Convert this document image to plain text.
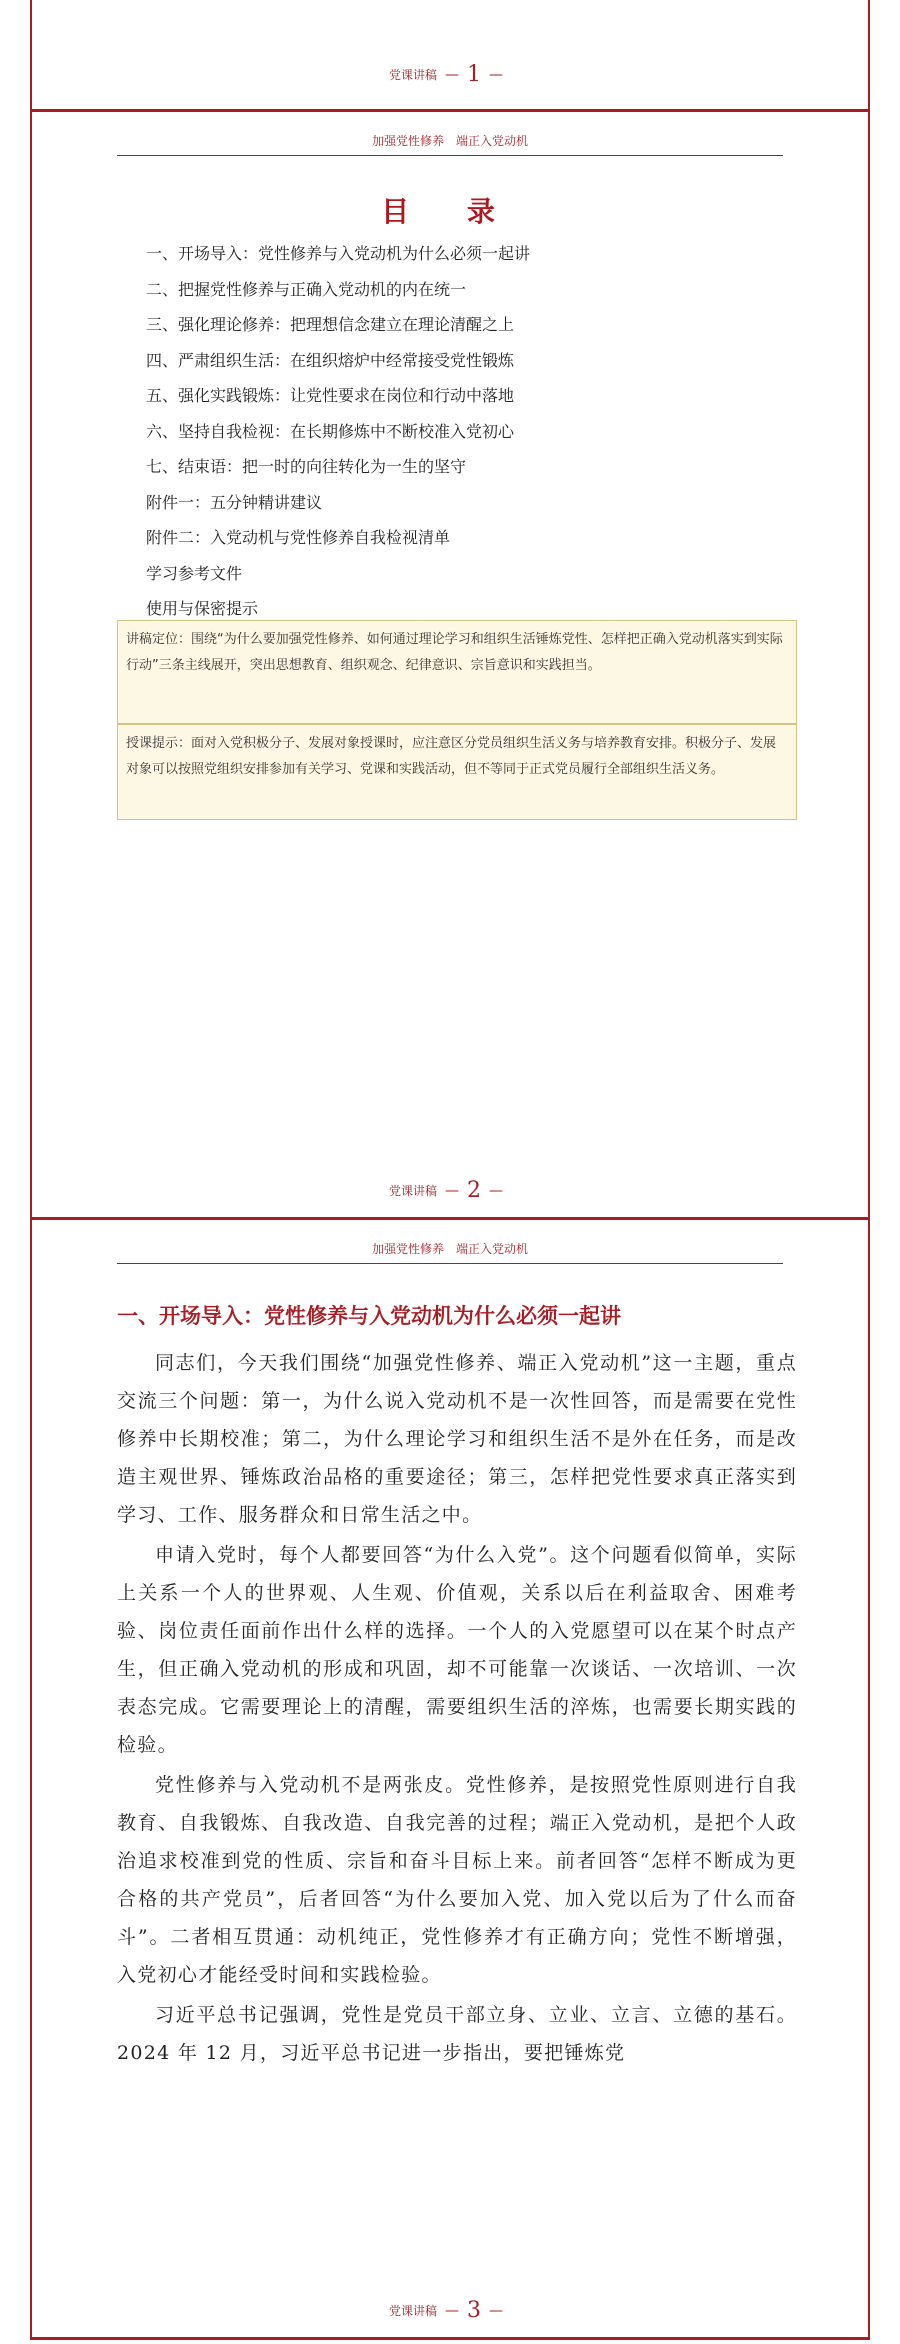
党课讲稿 — 1 —
加强党性修养　端正入党动机
目 录
一、开场导入：党性修养与入党动机为什么必须一起讲
二、把握党性修养与正确入党动机的内在统一
三、强化理论修养：把理想信念建立在理论清醒之上
四、严肃组织生活：在组织熔炉中经常接受党性锻炼
五、强化实践锻炼：让党性要求在岗位和行动中落地
六、坚持自我检视：在长期修炼中不断校准入党初心
七、结束语：把一时的向往转化为一生的坚守
附件一：五分钟精讲建议
附件二：入党动机与党性修养自我检视清单
学习参考文件
使用与保密提示
讲稿定位：围绕“为什么要加强党性修养、如何通过理论学习和组织生活锤炼党性、怎样把正确入党动机落实到实际行动”三条主线展开，突出思想教育、组织观念、纪律意识、宗旨意识和实践担当。
授课提示：面对入党积极分子、发展对象授课时，应注意区分党员组织生活义务与培养教育安排。积极分子、发展对象可以按照党组织安排参加有关学习、党课和实践活动，但不等同于正式党员履行全部组织生活义务。
党课讲稿 — 2 —
加强党性修养　端正入党动机
一、开场导入：党性修养与入党动机为什么必须一起讲

同志们，今天我们围绕“加强党性修养、端正入党动机”这一主题，重点交流三个问题：第一，为什么说入党动机不是一次性回答，而是需要在党性修养中长期校准；第二，为什么理论学习和组织生活不是外在任务，而是改造主观世界、锤炼政治品格的重要途径；第三，怎样把党性要求真正落实到学习、工作、服务群众和日常生活之中。

申请入党时，每个人都要回答“为什么入党”。这个问题看似简单，实际上关系一个人的世界观、人生观、价值观，关系以后在利益取舍、困难考验、岗位责任面前作出什么样的选择。一个人的入党愿望可以在某个时点产生，但正确入党动机的形成和巩固，却不可能靠一次谈话、一次培训、一次表态完成。它需要理论上的清醒，需要组织生活的淬炼，也需要长期实践的检验。

党性修养与入党动机不是两张皮。党性修养，是按照党性原则进行自我教育、自我锻炼、自我改造、自我完善的过程；端正入党动机，是把个人政治追求校准到党的性质、宗旨和奋斗目标上来。前者回答“怎样不断成为更合格的共产党员”，后者回答“为什么要加入党、加入党以后为了什么而奋斗”。二者相互贯通：动机纯正，党性修养才有正确方向；党性不断增强，入党初心才能经受时间和实践检验。

习近平总书记强调，党性是党员干部立身、立业、立言、立德的基石。2024 年 12 月，习近平总书记进一步指出，要把锤炼党

党课讲稿 — 3 —
